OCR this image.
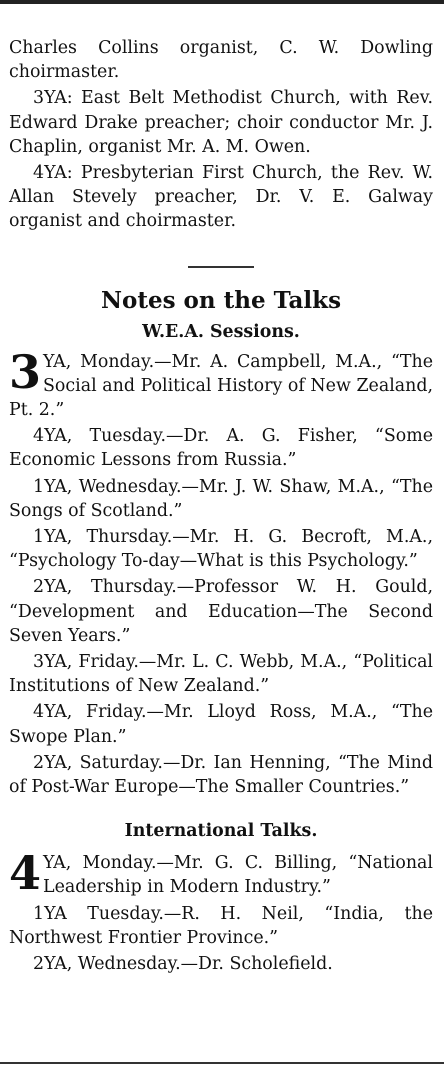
Charles Collins organist, C. W. Dowling choirmaster.

3YA: East Belt Methodist Church, with Rev. Edward Drake preacher; choir conductor Mr. J. Chaplin, organist Mr. A. M. Owen.

4YA: Presbyterian First Church, the Rev. W. Allan Stevely preacher, Dr. V. E. Galway organist and choirmaster.

Notes on the Talks
W.E.A. Sessions.

3 YA, Monday.—Mr. A. Campbell, M.A., “The Social and Political History of New Zealand, Pt. 2.”

4YA, Tuesday.—Dr. A. G. Fisher, “Some Economic Lessons from Russia.”

1YA, Wednesday.—Mr. J. W. Shaw, M.A., “The Songs of Scotland.”

1YA, Thursday.—Mr. H. G. Becroft, M.A., “Psychology To-day—What is this Psychology.”

2YA, Thursday.—Professor W. H. Gould, “Development and Education—The Second Seven Years.”

3YA, Friday.—Mr. L. C. Webb, M.A., “Political Institutions of New Zealand.”

4YA, Friday.—Mr. Lloyd Ross, M.A., “The Swope Plan.”

2YA, Saturday.—Dr. Ian Henning, “The Mind of Post-War Europe—The Smaller Countries.”

International Talks.

4 YA, Monday.—Mr. G. C. Billing, “National Leadership in Modern Industry.”

1YA Tuesday.—R. H. Neil, “India, the Northwest Frontier Province.”

2YA, Wednesday.—Dr. Scholefield.
